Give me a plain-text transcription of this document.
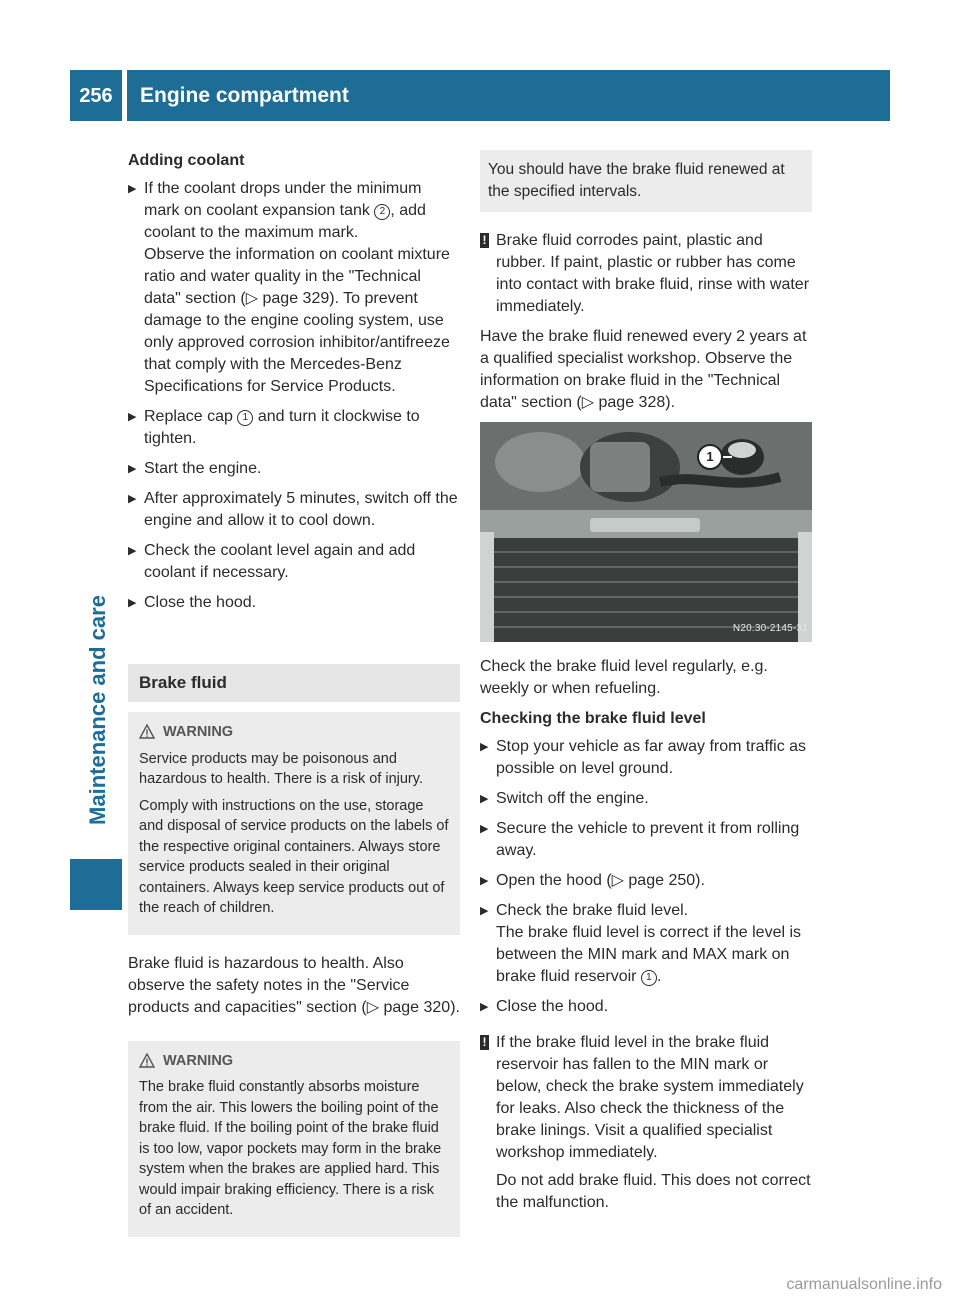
256	Engine compartment
Maintenance and care
Adding coolant
▶ If the coolant drops under the minimum mark on coolant expansion tank 2 , add coolant to the maximum mark.
Observe the information on coolant mixture ratio and water quality in the "Technical data" section (▷ page 329). To prevent damage to the engine cooling system, use only approved corrosion inhibitor/antifreeze that comply with the Mercedes-Benz Specifications for Service Products.
▶ Replace cap 1 and turn it clockwise to tighten.
▶ Start the engine.
▶ After approximately 5 minutes, switch off the engine and allow it to cool down.
▶ Check the coolant level again and add coolant if necessary.
▶ Close the hood.
Brake fluid
WARNING

Service products may be poisonous and hazardous to health. There is a risk of injury.

Comply with instructions on the use, storage and disposal of service products on the labels of the respective original containers. Always store service products sealed in their original containers. Always keep service products out of the reach of children.

Brake fluid is hazardous to health. Also observe the safety notes in the "Service products and capacities" section (▷ page 320).

WARNING

The brake fluid constantly absorbs moisture from the air. This lowers the boiling point of the brake fluid. If the boiling point of the brake fluid is too low, vapor pockets may form in the brake system when the brakes are applied hard. This would impair braking efficiency. There is a risk of an accident.

You should have the brake fluid renewed at the specified intervals.
! Brake fluid corrodes paint, plastic and rubber. If paint, plastic or rubber has come into contact with brake fluid, rinse with water immediately.

Have the brake fluid renewed every 2 years at a qualified specialist workshop. Observe the information on brake fluid in the "Technical data" section (▷ page 328).

1
N20.30-2145-31

Check the brake fluid level regularly, e.g. weekly or when refueling.

Checking the brake fluid level
▶ Stop your vehicle as far away from traffic as possible on level ground.
▶ Switch off the engine.
▶ Secure the vehicle to prevent it from rolling away.
▶ Open the hood (▷ page 250).
▶ Check the brake fluid level.
The brake fluid level is correct if the level is between the MIN mark and MAX mark on brake fluid reservoir 1 .
▶ Close the hood.
! If the brake fluid level in the brake fluid reservoir has fallen to the MIN mark or below, check the brake system immediately for leaks. Also check the thickness of the brake linings. Visit a qualified specialist workshop immediately.

Do not add brake fluid. This does not correct the malfunction.

carmanualsonline.info
